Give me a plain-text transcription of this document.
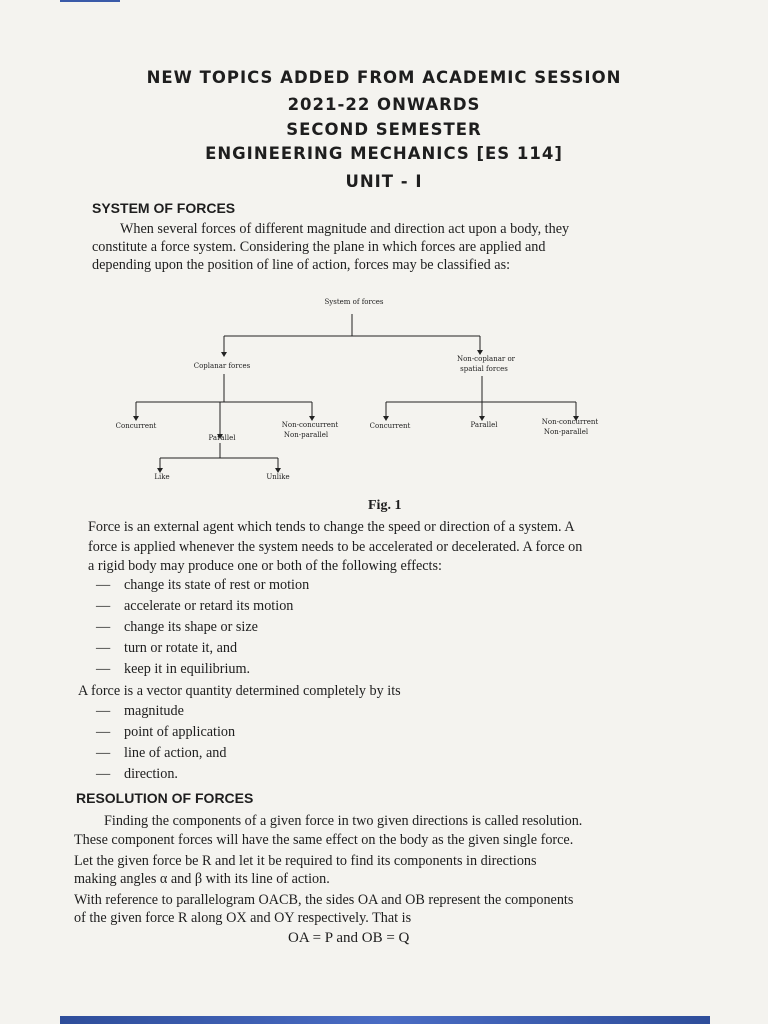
NEW TOPICS ADDED FROM ACADEMIC SESSION
2021-22 ONWARDS
SECOND SEMESTER
ENGINEERING MECHANICS [ES 114]
UNIT - I
SYSTEM OF FORCES
When several forces of different magnitude and direction act upon a body, they
constitute a force system. Considering the plane in which forces are applied and
depending upon the position of line of action, forces may be classified as:
System of forces
Coplanar forces
Non-coplanar or
spatial forces
Concurrent
Parallel
Non-concurrent
Non-parallel
Like	Unlike
Concurrent	Parallel	Non-concurrent
Non-parallel
Fig. 1
Force is an external agent which tends to change the speed or direction of a system. A
force is applied whenever the system needs to be accelerated or decelerated. A force on
a rigid body may produce one or both of the following effects:
— change its state of rest or motion
— accelerate or retard its motion
— change its shape or size
— turn or rotate it, and
— keep it in equilibrium.
A force is a vector quantity determined completely by its
— magnitude
— point of application
— line of action, and
— direction.
RESOLUTION OF FORCES
Finding the components of a given force in two given directions is called resolution.
These component forces will have the same effect on the body as the given single force.
Let the given force be R and let it be required to find its components in directions
making angles α and β with its line of action.
With reference to parallelogram OACB, the sides OA and OB represent the components
of the given force R along OX and OY respectively. That is
OA = P and OB = Q
